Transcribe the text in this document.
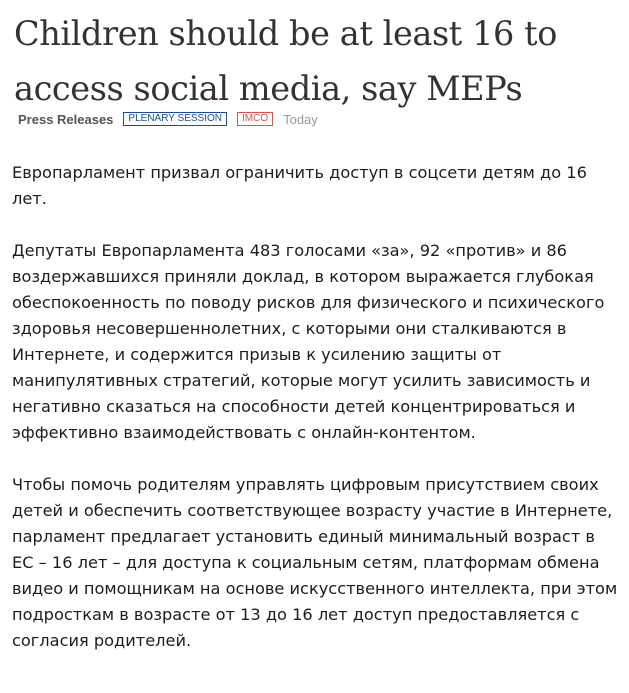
Children should be at least 16 to access social media, say MEPs
Press Releases	PLENARY SESSION	IMCO	Today

Европарламент призвал ограничить доступ в соцсети детям до 16 лет.

Депутаты Европарламента 483 голосами «за», 92 «против» и 86 воздержавшихся приняли доклад, в котором выражается глубокая обеспокоенность по поводу рисков для физического и психического здоровья несовершеннолетних, с которыми они сталкиваются в Интернете, и содержится призыв к усилению защиты от манипулятивных стратегий, которые могут усилить зависимость и негативно сказаться на способности детей концентрироваться и эффективно взаимодействовать с онлайн-контентом.

Чтобы помочь родителям управлять цифровым присутствием своих детей и обеспечить соответствующее возрасту участие в Интернете, парламент предлагает установить единый минимальный возраст в ЕС – 16 лет – для доступа к социальным сетям, платформам обмена видео и помощникам на основе искусственного интеллекта, при этом подросткам в возрасте от 13 до 16 лет доступ предоставляется с согласия родителей.
